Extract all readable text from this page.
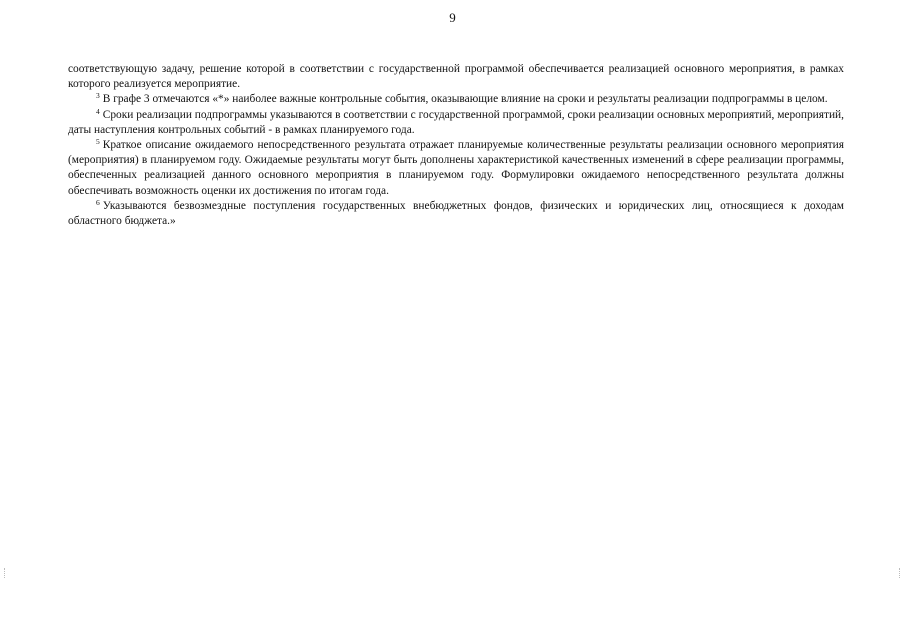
9

соответствующую задачу, решение которой в соответствии с государственной программой обеспечивается реализацией основного мероприятия, в рамках которого реализуется мероприятие.

$^3$ В графе 3 отмечаются «*» наиболее важные контрольные события, оказывающие влияние на сроки и результаты реализации подпрограммы в целом.

$^4$ Сроки реализации подпрограммы указываются в соответствии с государственной программой, сроки реализации основных мероприятий, мероприятий, даты наступления контрольных событий - в рамках планируемого года.

$^5$ Краткое описание ожидаемого непосредственного результата отражает планируемые количественные результаты реализации основного мероприятия (мероприятия) в планируемом году. Ожидаемые результаты могут быть дополнены характеристикой качественных изменений в сфере реализации программы, обеспеченных реализацией данного основного мероприятия в планируемом году. Формулировки ожидаемого непосредственного результата должны обеспечивать возможность оценки их достижения по итогам года.

$^6$ Указываются безвозмездные поступления государственных внебюджетных фондов, физических и юридических лиц, относящиеся к доходам областного бюджета.»
